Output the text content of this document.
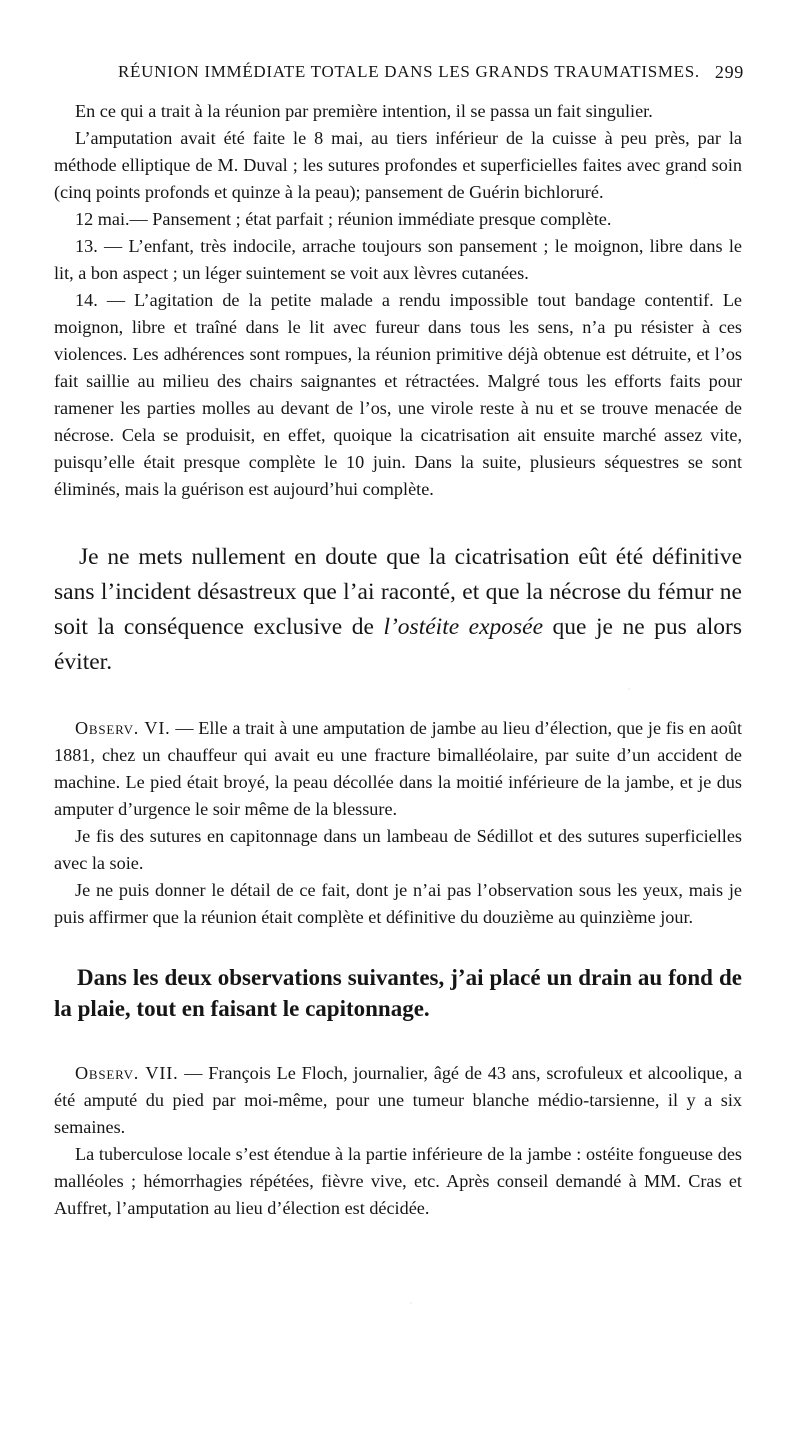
RÉUNION IMMÉDIATE TOTALE DANS LES GRANDS TRAUMATISMES. 299

En ce qui a trait à la réunion par première intention, il se passa un fait singulier.

L’amputation avait été faite le 8 mai, au tiers inférieur de la cuisse à peu près, par la méthode elliptique de M. Duval ; les sutures profondes et superficielles faites avec grand soin (cinq points profonds et quinze à la peau); pansement de Guérin bichloruré.

12 mai.— Pansement ; état parfait ; réunion immédiate presque complète.

13. — L’enfant, très indocile, arrache toujours son pansement ; le moignon, libre dans le lit, a bon aspect ; un léger suintement se voit aux lèvres cutanées.

14. — L’agitation de la petite malade a rendu impossible tout bandage contentif. Le moignon, libre et traîné dans le lit avec fureur dans tous les sens, n’a pu résister à ces violences. Les adhérences sont rompues, la réunion primitive déjà obtenue est détruite, et l’os fait saillie au milieu des chairs saignantes et rétractées. Malgré tous les efforts faits pour ramener les parties molles au devant de l’os, une virole reste à nu et se trouve menacée de nécrose. Cela se produisit, en effet, quoique la cicatrisation ait ensuite marché assez vite, puisqu’elle était presque complète le 10 juin. Dans la suite, plusieurs séquestres se sont éliminés, mais la guérison est aujourd’hui complète.

Je ne mets nullement en doute que la cicatrisation eût été définitive sans l’incident désastreux que l’ai raconté, et que la nécrose du fémur ne soit la conséquence exclusive de l’ostéite exposée que je ne pus alors éviter.

Observ. VI. — Elle a trait à une amputation de jambe au lieu d’élection, que je fis en août 1881, chez un chauffeur qui avait eu une fracture bimalléolaire, par suite d’un accident de machine. Le pied était broyé, la peau décollée dans la moitié inférieure de la jambe, et je dus amputer d’urgence le soir même de la blessure.

Je fis des sutures en capitonnage dans un lambeau de Sédillot et des sutures superficielles avec la soie.

Je ne puis donner le détail de ce fait, dont je n’ai pas l’observation sous les yeux, mais je puis affirmer que la réunion était complète et définitive du douzième au quinzième jour.

Dans les deux observations suivantes, j’ai placé un drain au fond de la plaie, tout en faisant le capitonnage.

Observ. VII. — François Le Floch, journalier, âgé de 43 ans, scrofuleux et alcoolique, a été amputé du pied par moi-même, pour une tumeur blanche médio-tarsienne, il y a six semaines.

La tuberculose locale s’est étendue à la partie inférieure de la jambe : ostéite fongueuse des malléoles ; hémorrhagies répétées, fièvre vive, etc. Après conseil demandé à MM. Cras et Auffret, l’amputation au lieu d’élection est décidée.
